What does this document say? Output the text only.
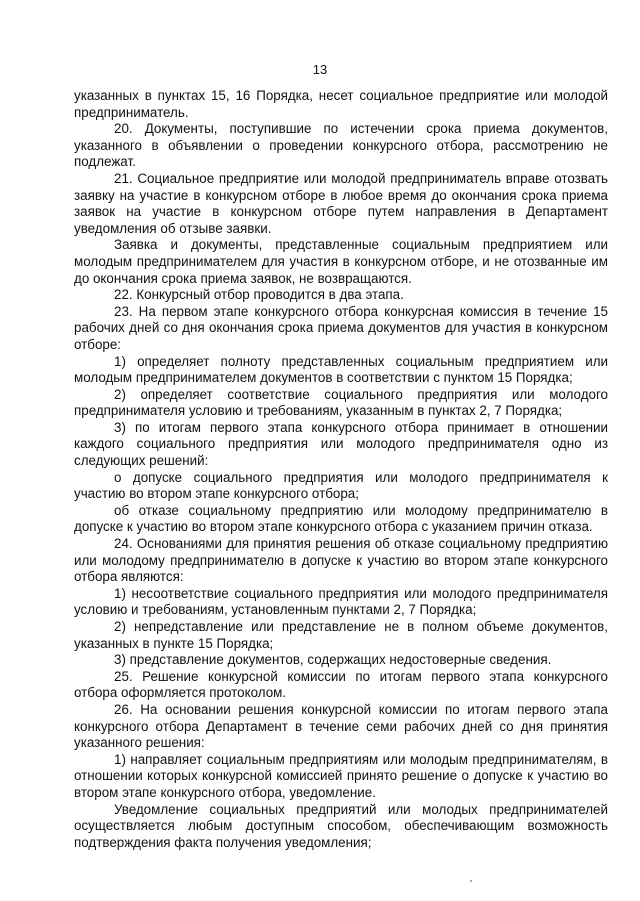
13

указанных в пунктах 15, 16 Порядка, несет социальное предприятие или молодой предприниматель.

20. Документы, поступившие по истечении срока приема документов, указанного в объявлении о проведении конкурсного отбора, рассмотрению не подлежат.

21. Социальное предприятие или молодой предприниматель вправе отозвать заявку на участие в конкурсном отборе в любое время до окончания срока приема заявок на участие в конкурсном отборе путем направления в Департамент уведомления об отзыве заявки.

Заявка и документы, представленные социальным предприятием или молодым предпринимателем для участия в конкурсном отборе, и не отозванные им до окончания срока приема заявок, не возвращаются.

22. Конкурсный отбор проводится в два этапа.

23. На первом этапе конкурсного отбора конкурсная комиссия в течение 15 рабочих дней со дня окончания срока приема документов для участия в конкурсном отборе:

1) определяет полноту представленных социальным предприятием или молодым предпринимателем документов в соответствии с пунктом 15 Порядка;

2) определяет соответствие социального предприятия или молодого предпринимателя условию и требованиям, указанным в пунктах 2, 7 Порядка;

3) по итогам первого этапа конкурсного отбора принимает в отношении каждого социального предприятия или молодого предпринимателя одно из следующих решений:

о допуске социального предприятия или молодого предпринимателя к участию во втором этапе конкурсного отбора;

об отказе социальному предприятию или молодому предпринимателю в допуске к участию во втором этапе конкурсного отбора с указанием причин отказа.

24. Основаниями для принятия решения об отказе социальному предприятию или молодому предпринимателю в допуске к участию во втором этапе конкурсного отбора являются:

1) несоответствие социального предприятия или молодого предпринимателя условию и требованиям, установленным пунктами 2, 7 Порядка;

2) непредставление или представление не в полном объеме документов, указанных в пункте 15 Порядка;

3) представление документов, содержащих недостоверные сведения.

25. Решение конкурсной комиссии по итогам первого этапа конкурсного отбора оформляется протоколом.

26. На основании решения конкурсной комиссии по итогам первого этапа конкурсного отбора Департамент в течение семи рабочих дней со дня принятия указанного решения:

1) направляет социальным предприятиям или молодым предпринимателям, в отношении которых конкурсной комиссией принято решение о допуске к участию во втором этапе конкурсного отбора, уведомление.

Уведомление социальных предприятий или молодых предпринимателей осуществляется любым доступным способом, обеспечивающим возможность подтверждения факта получения уведомления;
